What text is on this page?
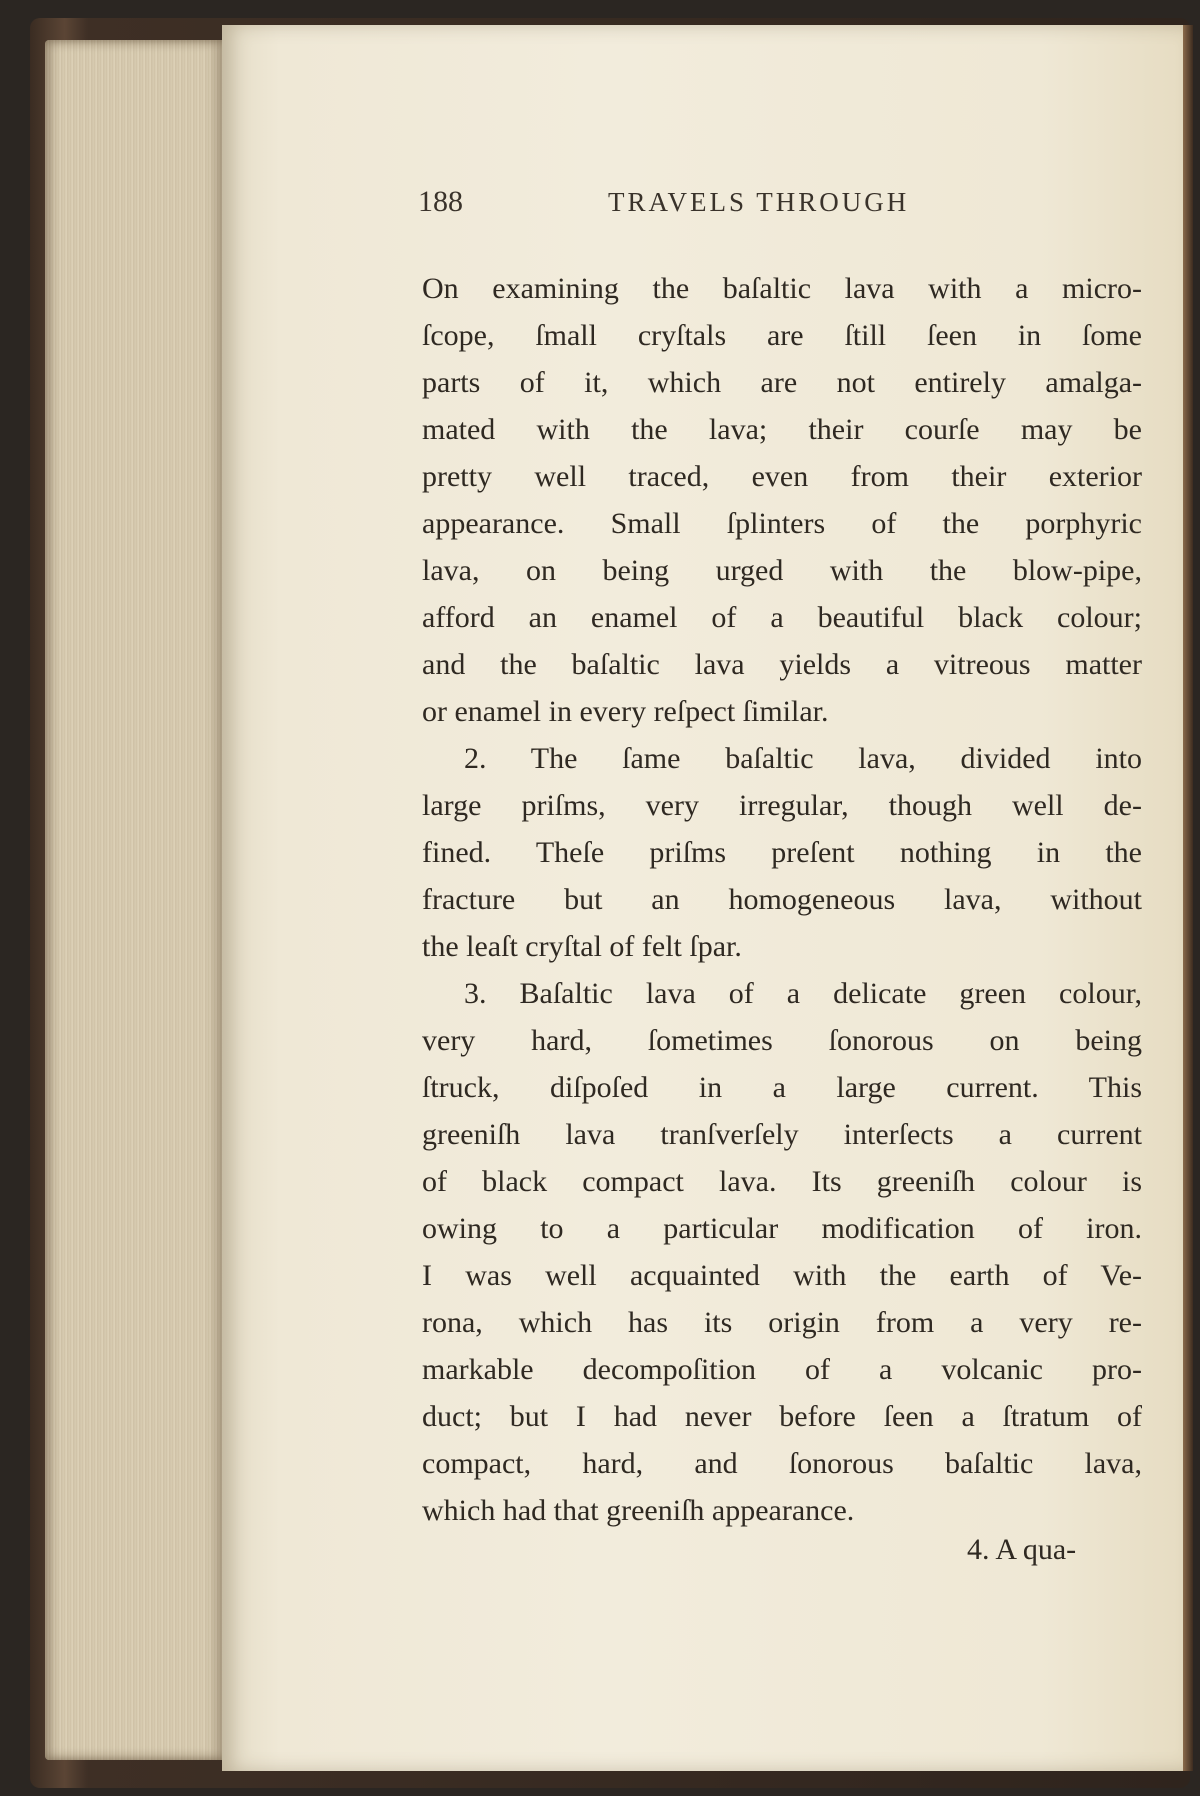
188	TRAVELS THROUGH
On examining the baſaltic lava with a micro-
ſcope, ſmall cryſtals are ſtill ſeen in ſome
parts of it, which are not entirely amalga-
mated with the lava; their courſe may be
pretty well traced, even from their exterior
appearance. Small ſplinters of the porphyric
lava, on being urged with the blow-pipe,
afford an enamel of a beautiful black colour;
and the baſaltic lava yields a vitreous matter
or enamel in every reſpect ſimilar.
2. The ſame baſaltic lava, divided into
large priſms, very irregular, though well de-
fined. Theſe priſms preſent nothing in the
fracture but an homogeneous lava, without
the leaſt cryſtal of felt ſpar.
3. Baſaltic lava of a delicate green colour,
very hard, ſometimes ſonorous on being
ſtruck, diſpoſed in a large current. This
greeniſh lava tranſverſely interſects a current
of black compact lava. Its greeniſh colour is
owing to a particular modification of iron.
I was well acquainted with the earth of Ve-
rona, which has its origin from a very re-
markable decompoſition of a volcanic pro-
duct; but I had never before ſeen a ſtratum of
compact, hard, and ſonorous baſaltic lava,
which had that greeniſh appearance.
4. A qua-
